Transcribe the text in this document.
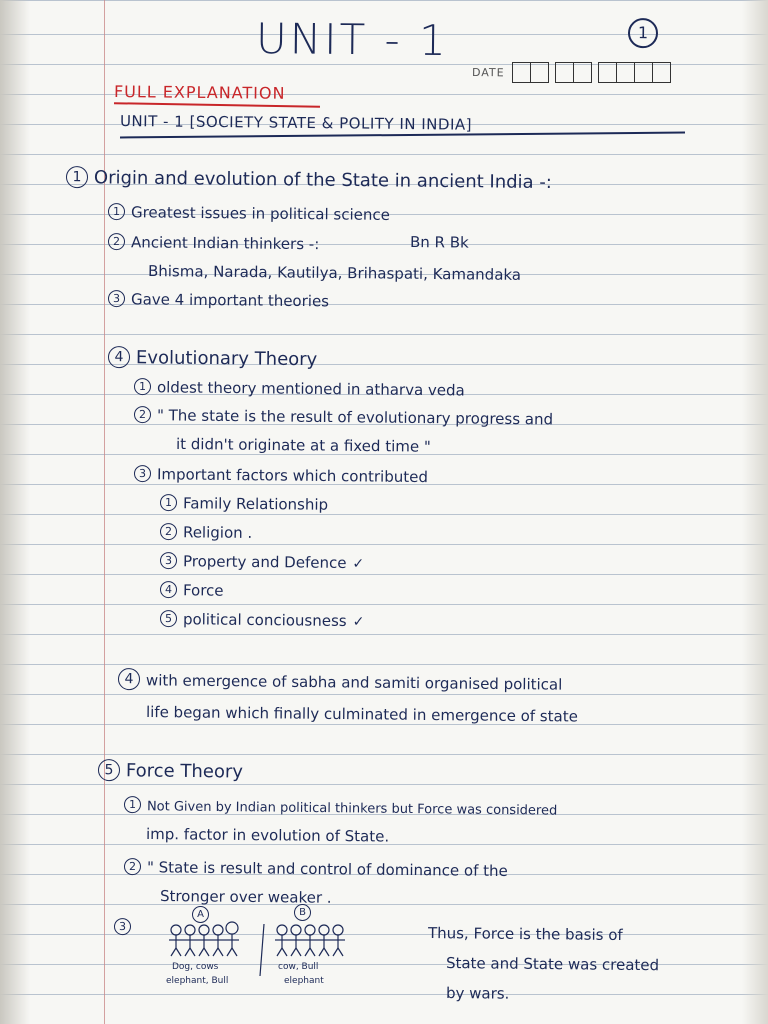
UNIT - 1	1
DATE
FULL EXPLANATION
UNIT - 1 [SOCIETY STATE & POLITY IN INDIA]
1 Origin and evolution of the State in ancient India -:
1 Greatest issues in political science
2 Ancient Indian thinkers -:	Bn R Bk
Bhisma, Narada, Kautilya, Brihaspati, Kamandaka
3 Gave 4 important theories
4 Evolutionary Theory
1 oldest theory mentioned in atharva veda
2 " The state is the result of evolutionary progress and
it didn't originate at a fixed time "
3 Important factors which contributed
1 Family Relationship
2 Religion .
3 Property and Defence ✓
4 Force
5 political conciousness ✓
4 with emergence of sabha and samiti organised political
life began which finally culminated in emergence of state
5 Force Theory
1 Not Given by Indian political thinkers but Force was considered
imp. factor in evolution of State.
2 " State is result and control of dominance of the
Stronger over weaker .
3
A	B
Dog, cows
elephant, Bull
cow, Bull
elephant
Thus, Force is the basis of
State and State was created
by wars.
